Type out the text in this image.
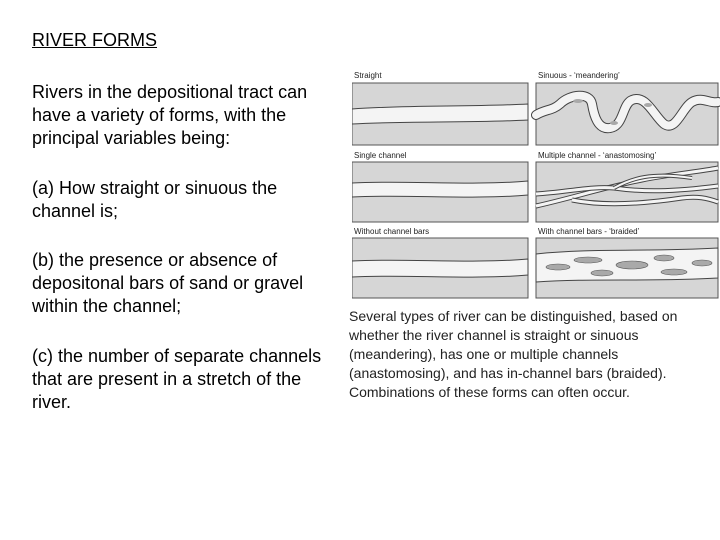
RIVER FORMS

Rivers in the depositional tract can have a variety of forms, with the principal variables being:

(a) How straight or sinuous the channel is;

(b) the presence or absence of depositonal bars of sand or gravel within the channel;

(c) the number of separate channels that are present in a stretch of the river.

Straight	Sinuous - ‘meandering’
Single channel	Multiple channel - ‘anastomosing’
Without channel bars	With channel bars - ‘braided’

Several types of river can be distinguished, based on whether the river channel is straight or sinuous (meandering), has one or multiple channels (anastomosing), and has in-channel bars (braided). Combinations of these forms can often occur.
